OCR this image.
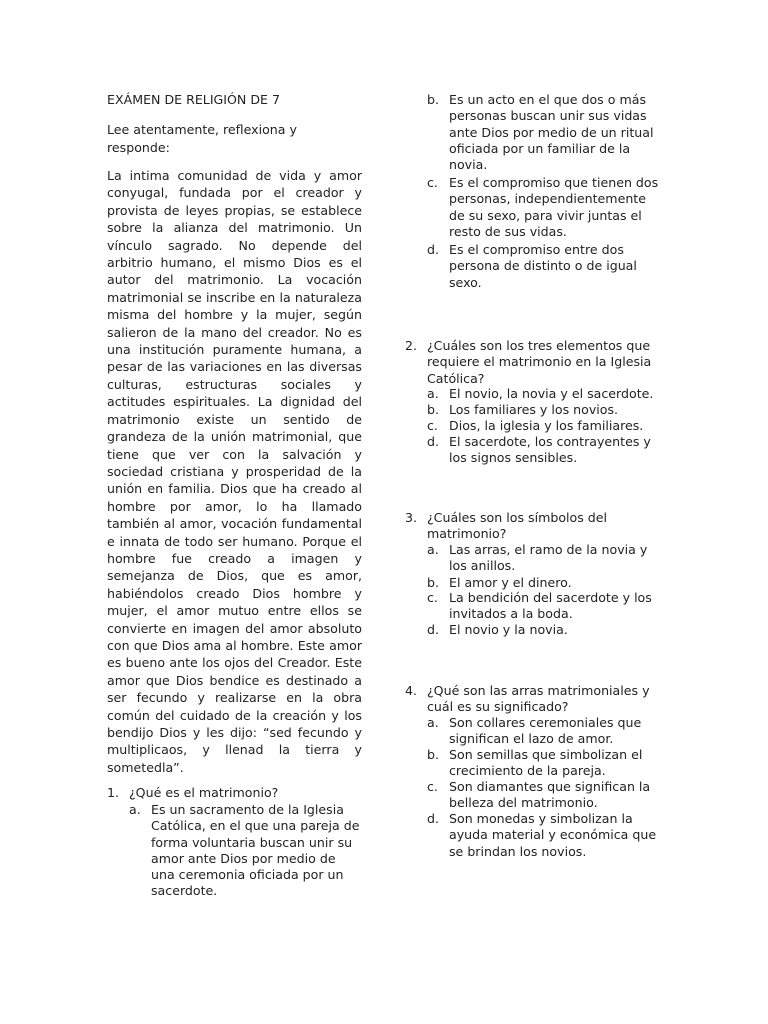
EXÁMEN DE RELIGIÓN DE 7
Lee atentamente, reflexiona y responde:
La intima comunidad de vida y amor conyugal, fundada por el creador y provista de leyes propias, se establece sobre la alianza del matrimonio. Un vínculo sagrado. No depende del arbitrio humano, el mismo Dios es el autor del matrimonio. La vocación matrimonial se inscribe en la naturaleza misma del hombre y la mujer, según salieron de la mano del creador. No es una institución puramente humana, a pesar de las variaciones en las diversas culturas, estructuras sociales y actitudes espirituales. La dignidad del matrimonio existe un sentido de grandeza de la unión matrimonial, que tiene que ver con la salvación y sociedad cristiana y prosperidad de la unión en familia. Dios que ha creado al hombre por amor, lo ha llamado también al amor, vocación fundamental e innata de todo ser humano. Porque el hombre fue creado a imagen y semejanza de Dios, que es amor, habiéndolos creado Dios hombre y mujer, el amor mutuo entre ellos se convierte en imagen del amor absoluto con que Dios ama al hombre. Este amor es bueno ante los ojos del Creador. Este amor que Dios bendice es destinado a ser fecundo y realizarse en la obra común del cuidado de la creación y los bendijo Dios y les dijo: “sed fecundo y multiplicaos, y llenad la tierra y sometedla”.
1. ¿Qué es el matrimonio?
a. Es un sacramento de la Iglesia Católica, en el que una pareja de forma voluntaria buscan unir su amor ante Dios por medio de una ceremonia oficiada por un sacerdote.
b. Es un acto en el que dos o más personas buscan unir sus vidas ante Dios por medio de un ritual oficiada por un familiar de la novia.
c. Es el compromiso que tienen dos personas, independientemente de su sexo, para vivir juntas el resto de sus vidas.
d. Es el compromiso entre dos persona de distinto o de igual sexo.
2. ¿Cuáles son los tres elementos que requiere el matrimonio en la Iglesia Católica?
a. El novio, la novia y el sacerdote.
b. Los familiares y los novios.
c. Dios, la iglesia y los familiares.
d. El sacerdote, los contrayentes y los signos sensibles.
3. ¿Cuáles son los símbolos del matrimonio?
a. Las arras, el ramo de la novia y los anillos.
b. El amor y el dinero.
c. La bendición del sacerdote y los invitados a la boda.
d. El novio y la novia.
4. ¿Qué son las arras matrimoniales y cuál es su significado?
a. Son collares ceremoniales que significan el lazo de amor.
b. Son semillas que simbolizan el crecimiento de la pareja.
c. Son diamantes que significan la belleza del matrimonio.
d. Son monedas y simbolizan la ayuda material y económica que se brindan los novios.
